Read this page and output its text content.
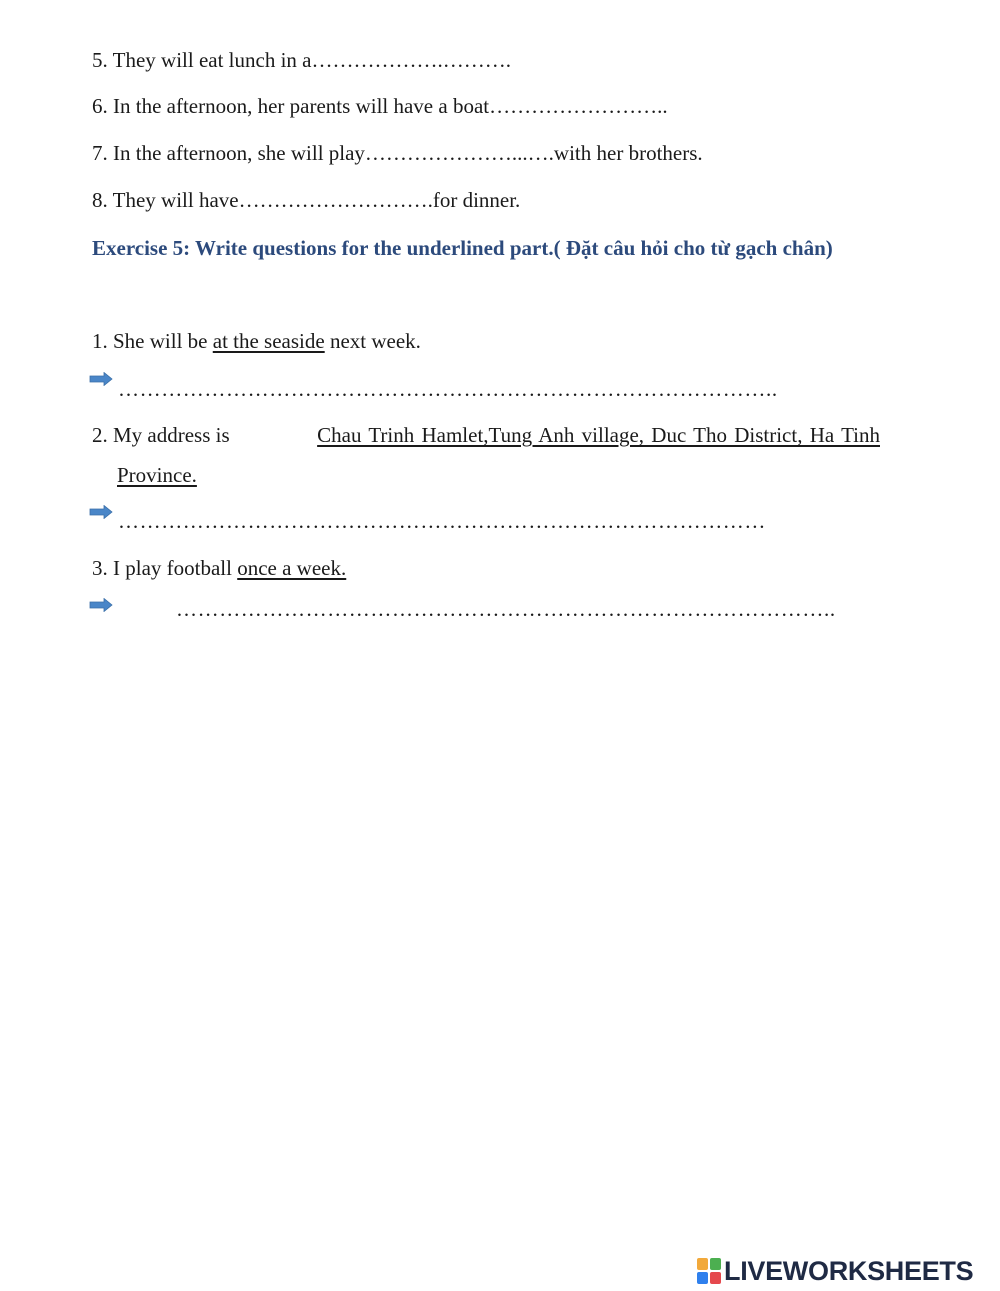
5. They will eat lunch in a……………….……….
6. In the afternoon, her parents will have a boat……………………..
7. In the afternoon, she will play…………………...….with her brothers.
8. They will have……………………….for dinner.
Exercise 5: Write questions for the underlined part.( Đặt câu hỏi cho từ gạch chân)
1. She will be at the seaside next week.
………………………………………………………………………………..
2. My address is	Chau Trinh Hamlet,Tung Anh village, Duc Tho District, Ha Tinh
Province.
………………………………………………………………………………
3. I play football once a week.
………………………………………………………………………………..
LIVEWORKSHEETS
